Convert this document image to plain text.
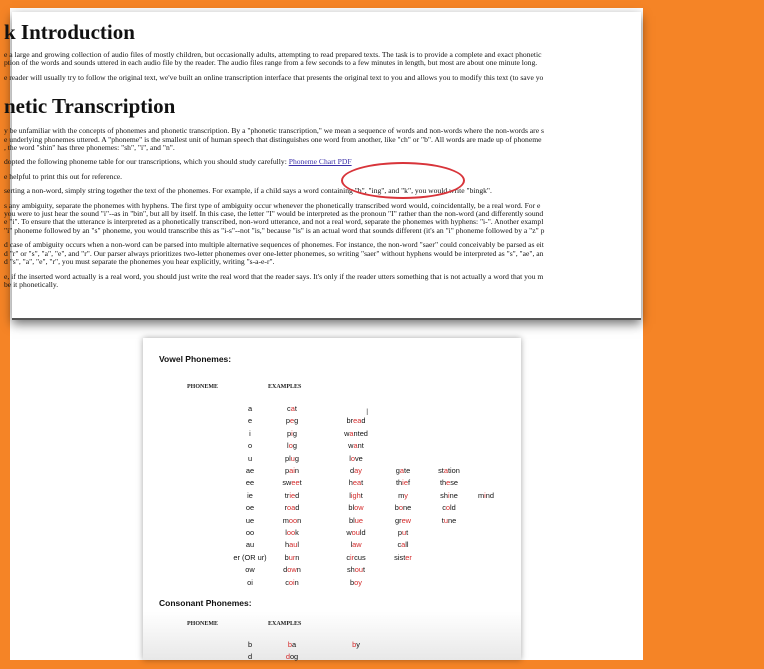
k Introduction

e a large and growing collection of audio files of mostly children, but occasionally adults, attempting to read prepared texts. The task is to provide a complete and exact phonetic
ption of the words and sounds uttered in each audio file by the reader. The audio files range from a few seconds to a few minutes in length, but most are about one minute long.

e reader will usually try to follow the original text, we've built an online transcription interface that presents the original text to you and allows you to modify this text (to save yo

netic Transcription

y be unfamiliar with the concepts of phonemes and phonetic transcription. By a "phonetic transcription," we mean a sequence of words and non-words where the non-words are s
e underlying phonemes uttered. A "phoneme" is the smallest unit of human speech that distinguishes one word from another, like "ch" or "b". All words are made up of phoneme
, the word "shin" has three phonemes: "sh", "i", and "n".

dopted the following phoneme table for our transcriptions, which you should study carefully: Phoneme Chart PDF

e helpful to print this out for reference.

serting a non-word, simply string together the text of the phonemes. For example, if a child says a word containing "b", "ing", and "k", you would write "bingk".

s any ambiguity, separate the phonemes with hyphens. The first type of ambiguity occur whenever the phonetically transcribed word would, coincidentally, be a real word. For e
you were to just hear the sound "i"--as in "bin", but all by itself. In this case, the letter "I" would be interpreted as the pronoun "I" rather than the non-word (and differently sound
e "i". To ensure that the utterance is interpreted as a phonetically transcribed, non-word utterance, and not a real word, separate the phonemes with hyphens: "i-". Another exampl
"i" phoneme followed by an "s" phoneme, you would transcribe this as "i-s"--not "is," because "is" is an actual word that sounds different (it's an "i" phoneme followed by a "z" p

d case of ambiguity occurs when a non-word can be parsed into multiple alternative sequences of phonemes. For instance, the non-word "saer" could conceivably be parsed as eit
d "r" or "s", "a", "e", and "r". Our parser always prioritizes two-letter phonemes over one-letter phonemes, so writing "saer" without hyphens would be interpreted as "s", "ae", an
d "s", "a", "e", "r", you must separate the phonemes you hear explicitly, writing "s-a-e-r".

e, if the inserted word actually is a real word, you should just write the real word that the reader says. It's only if the reader utters something that is not actually a word that you m
be it phonetically.

Vowel Phonemes:
PHONEME	EXAMPLES
I
a	cat
e	peg	bread
i	pig	wanted
o	log	want
u	plug	love
ae	pain	day	gate	station
ee	sweet	heat	thief	these
ie	tried	light	my	shine	mind
oe	road	blow	bone	cold
ue	moon	blue	grew	tune
oo	look	would	put
au	haul	law	call
er (OR ur)	burn	circus	sister
ow	down	shout
oi	coin	boy
Consonant Phonemes:
PHONEME	EXAMPLES
b	ba	by
d	dog
